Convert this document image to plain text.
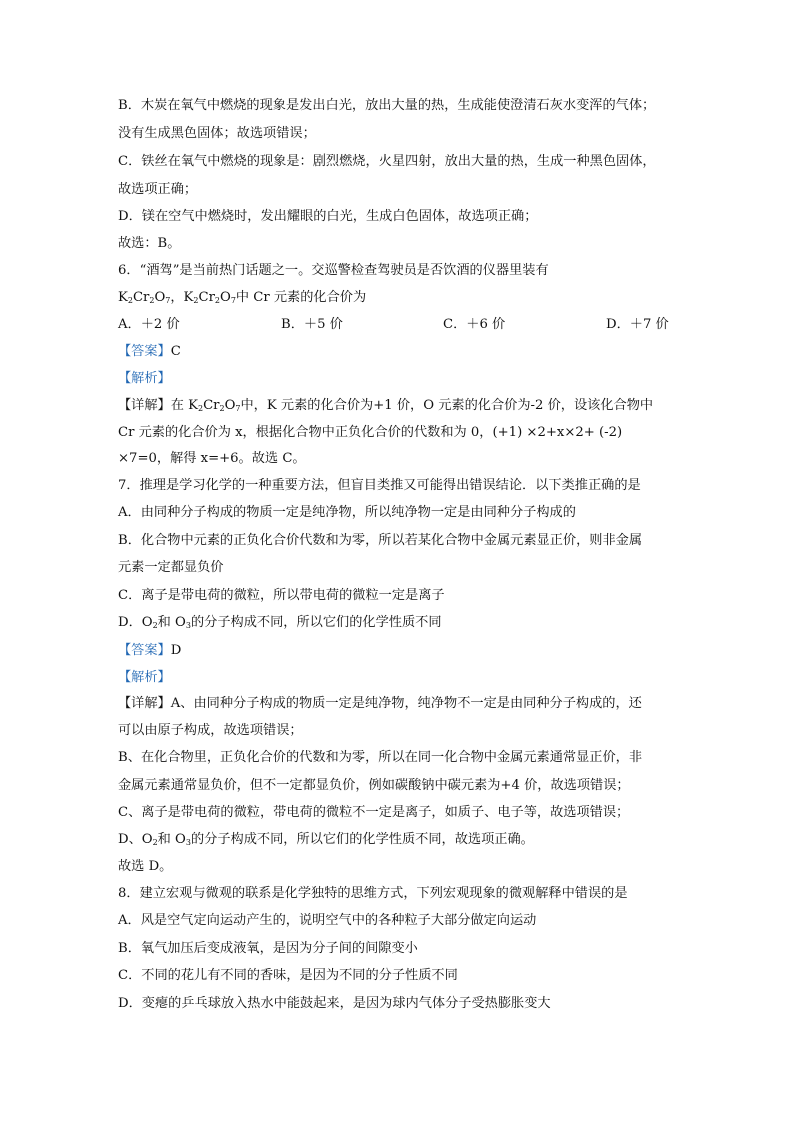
B．木炭在氧气中燃烧的现象是发出白光，放出大量的热，生成能使澄清石灰水变浑的气体；
没有生成黑色固体；故选项错误；
C．铁丝在氧气中燃烧的现象是：剧烈燃烧，火星四射，放出大量的热，生成一种黑色固体，
故选项正确；
D．镁在空气中燃烧时，发出耀眼的白光，生成白色固体，故选项正确；
故选：B。
6．“酒驾”是当前热门话题之一。交巡警检查驾驶员是否饮酒的仪器里装有
$K_2Cr_2O_7$，$K_2Cr_2O_7$中 Cr 元素的化合价为
A．＋2 价	B．＋5 价	C．＋6 价	D．＋7 价
【答案】C
【解析】
【详解】在 $K_2Cr_2O_7$中，K 元素的化合价为+1 价，O 元素的化合价为-2 价，设该化合物中
Cr 元素的化合价为 x，根据化合物中正负化合价的代数和为 0，(+1) ×2+x×2+ (-2)
×7=0，解得 x=+6。故选 C。
7．推理是学习化学的一种重要方法，但盲目类推又可能得出错误结论．以下类推正确的是
A．由同种分子构成的物质一定是纯净物，所以纯净物一定是由同种分子构成的
B．化合物中元素的正负化合价代数和为零，所以若某化合物中金属元素显正价，则非金属
元素一定都显负价
C．离子是带电荷的微粒，所以带电荷的微粒一定是离子
D．$O_2$和 $O_3$的分子构成不同，所以它们的化学性质不同
【答案】D
【解析】
【详解】A、由同种分子构成的物质一定是纯净物，纯净物不一定是由同种分子构成的，还
可以由原子构成，故选项错误；
B、在化合物里，正负化合价的代数和为零，所以在同一化合物中金属元素通常显正价，非
金属元素通常显负价，但不一定都显负价，例如碳酸钠中碳元素为+4 价，故选项错误；
C、离子是带电荷的微粒，带电荷的微粒不一定是离子，如质子、电子等，故选项错误；
D、$O_2$和 $O_3$的分子构成不同，所以它们的化学性质不同，故选项正确。
故选 D。
8．建立宏观与微观的联系是化学独特的思维方式，下列宏观现象的微观解释中错误的是
A．风是空气定向运动产生的，说明空气中的各种粒子大部分做定向运动
B．氧气加压后变成液氧，是因为分子间的间隙变小
C．不同的花儿有不同的香味，是因为不同的分子性质不同
D．变瘪的乒乓球放入热水中能鼓起来，是因为球内气体分子受热膨胀变大
